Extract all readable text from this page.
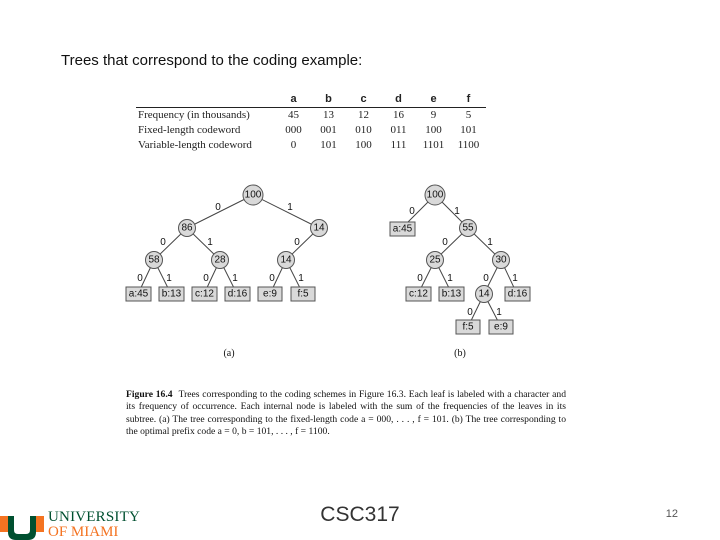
Trees that correspond to the coding example:
	a	b	c	d	e	f
Frequency (in thousands)	45	13	12	16	9	5
Fixed-length codeword	000	001	010	011	100	101
Variable-length codeword	0	101	100	111	1101	1100
0	1
0	1	0
0 1	0 1	0 1
100
86	14
58	28	14
a:45 b:13 c:12 d:16 e:9 f:5
(a)
0	1
0	1
0 1	0 1
0 1
100
55
25	30
14
a:45
c:12 b:13	d:16
f:5 e:9
(b)
Figure 16.4 Trees corresponding to the coding schemes in Figure 16.3. Each leaf is labeled with a character and its frequency of occurrence. Each internal node is labeled with the sum of the frequencies of the leaves in its subtree. (a) The tree corresponding to the fixed-length code a = 000, . . . , f = 101. (b) The tree corresponding to the optimal prefix code a = 0, b = 101, . . . , f = 1100.
UNIVERSITY
OF MIAMI
CSC317	12
